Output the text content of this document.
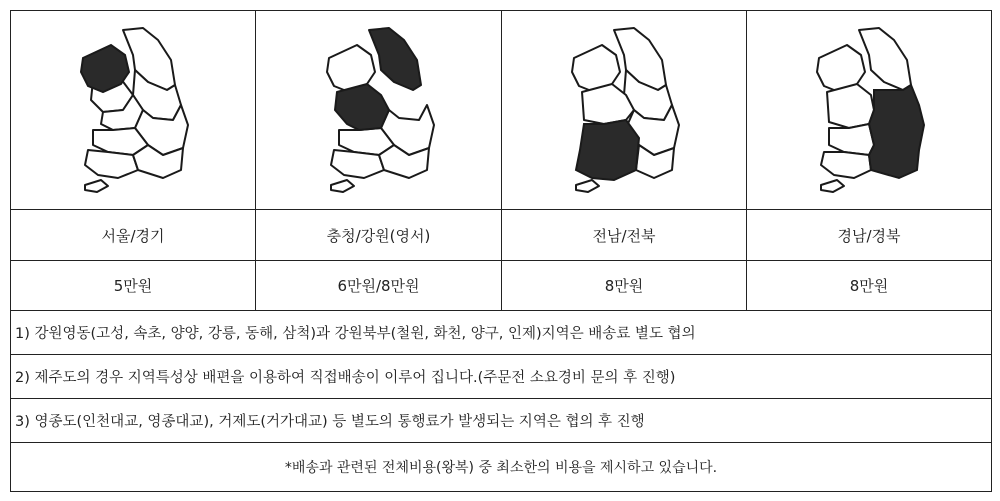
서울/경기	충청/강원(영서)	전남/전북	경남/경북
5만원	6만원/8만원	8만원	8만원
1) 강원영동(고성, 속초, 양양, 강릉, 동해, 삼척)과 강원북부(철원, 화천, 양구, 인제)지역은 배송료 별도 협의
2) 제주도의 경우 지역특성상 배편을 이용하여 직접배송이 이루어 집니다.(주문전 소요경비 문의 후 진행)
3) 영종도(인천대교, 영종대교), 거제도(거가대교) 등 별도의 통행료가 발생되는 지역은 협의 후 진행
*배송과 관련된 전체비용(왕복) 중 최소한의 비용을 제시하고 있습니다.
